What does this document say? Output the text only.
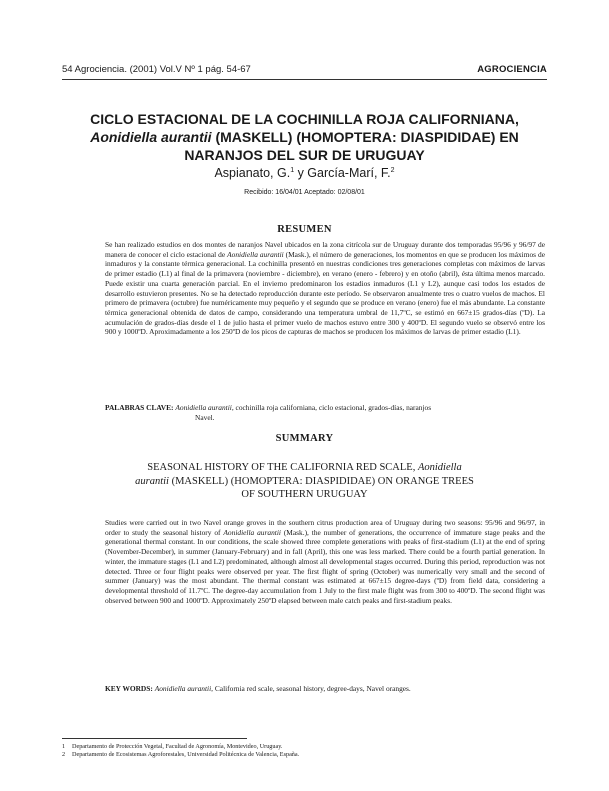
54 Agrociencia. (2001) Vol.V Nº 1 pág. 54-67	AGROCIENCIA
CICLO ESTACIONAL DE LA COCHINILLA ROJA CALIFORNIANA,
Aonidiella aurantii (MASKELL) (HOMOPTERA: DIASPIDIDAE) EN
NARANJOS DEL SUR DE URUGUAY
Aspianato, G.$^1$ y García-Marí, F.$^2$
Recibido: 16/04/01 Aceptado: 02/08/01
RESUMEN
Se han realizado estudios en dos montes de naranjos Navel ubicados en la zona citrícola sur de Uruguay durante dos temporadas 95/96 y 96/97 de manera de conocer el ciclo estacional de Aonidiella aurantii (Mask.), el número de generaciones, los momentos en que se producen los máximos de inmaduros y la constante térmica generacional. La cochinilla presentó en nuestras condiciones tres generaciones completas con máximos de larvas de primer estadio (L1) al final de la primavera (noviembre - diciembre), en verano (enero - febrero) y en otoño (abril), ésta última menos marcado. Puede existir una cuarta generación parcial. En el invierno predominaron los estadios inmaduros (L1 y L2), aunque casi todos los estados de desarrollo estuvieron presentes. No se ha detectado reproducción durante este período. Se observaron anualmente tres o cuatro vuelos de machos. El primero de primavera (octubre) fue numéricamente muy pequeño y el segundo que se produce en verano (enero) fue el más abundante. La constante térmica generacional obtenida de datos de campo, considerando una temperatura umbral de 11,7ºC, se estimó en 667±15 grados-días (ºD). La acumulación de grados-días desde el 1 de julio hasta el primer vuelo de machos estuvo entre 300 y 400ºD. El segundo vuelo se observó entre los 900 y 1000ºD. Aproximadamente a los 250ºD de los picos de capturas de machos se producen los máximos de larvas de primer estadio (L1).
PALABRAS CLAVE: Aonidiella aurantii, cochinilla roja californiana, ciclo estacional, grados-días, naranjos
Navel.
SUMMARY
SEASONAL HISTORY OF THE CALIFORNIA RED SCALE, Aonidiella
aurantii (MASKELL) (HOMOPTERA: DIASPIDIDAE) ON ORANGE TREES
OF SOUTHERN URUGUAY
Studies were carried out in two Navel orange groves in the southern citrus production area of Uruguay during two seasons: 95/96 and 96/97, in order to study the seasonal history of Aonidiella aurantii (Mask.), the number of generations, the occurrence of immature stage peaks and the generational thermal constant. In our conditions, the scale showed three complete generations with peaks of first-stadium (L1) at the end of spring (November-December), in summer (January-February) and in fall (April), this one was less marked. There could be a fourth partial generation. In winter, the immature stages (L1 and L2) predominated, although almost all developmental stages occurred. During this period, reproduction was not detected. Three or four flight peaks were observed per year. The first flight of spring (October) was numerically very small and the second of summer (January) was the most abundant. The thermal constant was estimated at 667±15 degree-days (ºD) from field data, considering a developmental threshold of 11.7ºC. The degree-day accumulation from 1 July to the first male flight was from 300 to 400ºD. The second flight was observed between 900 and 1000ºD. Approximately 250ºD elapsed between male catch peaks and first-stadium peaks.
KEY WORDS: Aonidiella aurantii, California red scale, seasonal history, degree-days, Navel oranges.
1	Departamento de Protección Vegetal, Facultad de Agronomía, Montevideo, Uruguay.
2	Departamento de Ecosistemas Agroforestales, Universidad Politécnica de Valencia, España.
